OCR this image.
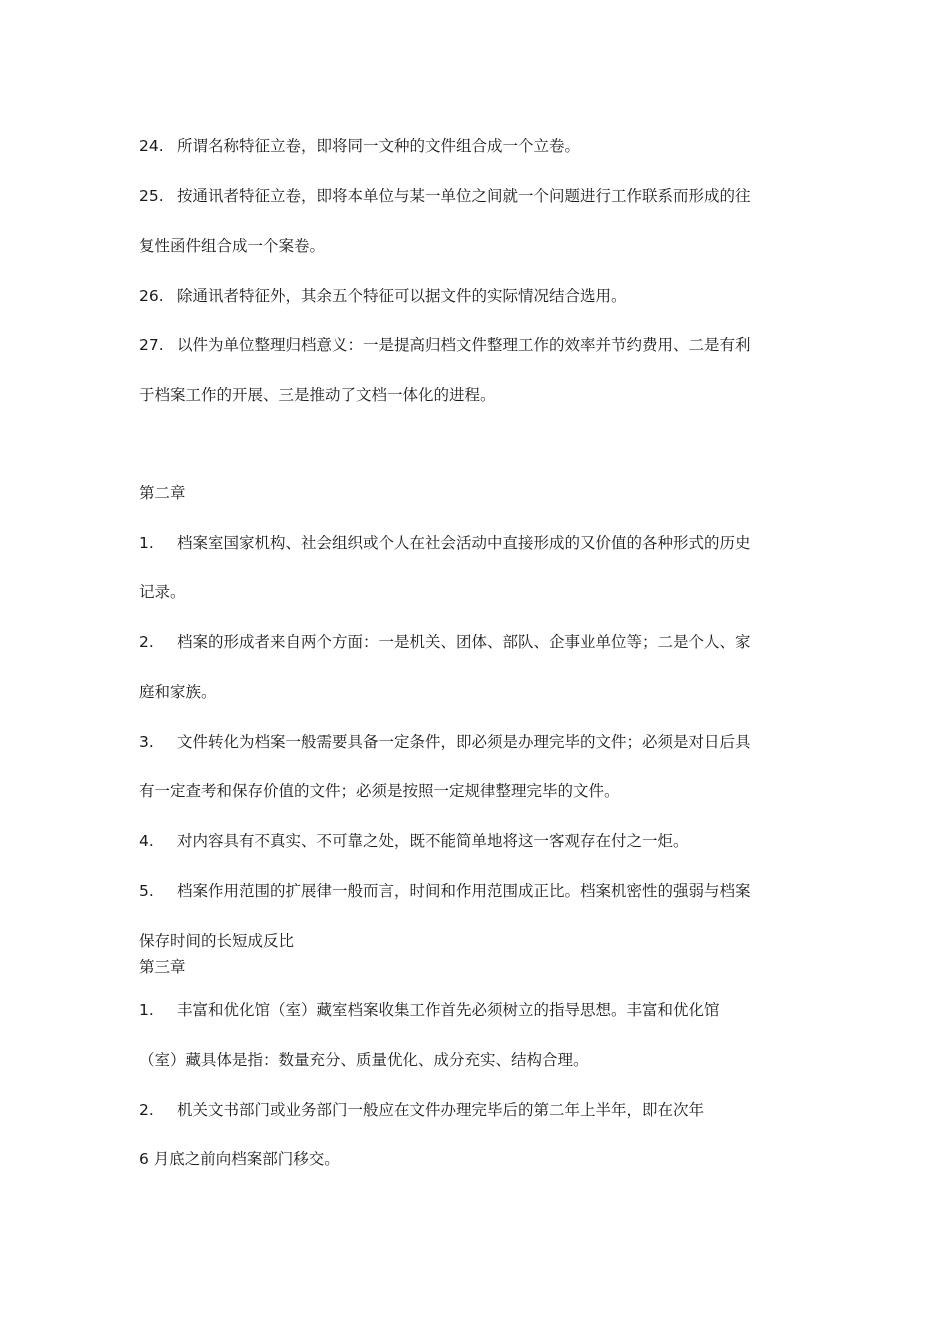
24. 所谓名称特征立卷，即将同一文种的文件组合成一个立卷。
25. 按通讯者特征立卷，即将本单位与某一单位之间就一个问题进行工作联系而形成的往
复性函件组合成一个案卷。
26. 除通讯者特征外，其余五个特征可以据文件的实际情况结合选用。
27. 以件为单位整理归档意义：一是提高归档文件整理工作的效率并节约费用、二是有利
于档案工作的开展、三是推动了文档一体化的进程。
第二章
1. 档案室国家机构、社会组织或个人在社会活动中直接形成的又价值的各种形式的历史
记录。
2. 档案的形成者来自两个方面：一是机关、团体、部队、企事业单位等；二是个人、家
庭和家族。
3. 文件转化为档案一般需要具备一定条件，即必须是办理完毕的文件；必须是对日后具
有一定查考和保存价值的文件；必须是按照一定规律整理完毕的文件。
4. 对内容具有不真实、不可靠之处，既不能简单地将这一客观存在付之一炬。
5. 档案作用范围的扩展律一般而言，时间和作用范围成正比。档案机密性的强弱与档案
保存时间的长短成反比
第三章
1. 丰富和优化馆（室）藏室档案收集工作首先必须树立的指导思想。丰富和优化馆
（室）藏具体是指：数量充分、质量优化、成分充实、结构合理。
2. 机关文书部门或业务部门一般应在文件办理完毕后的第二年上半年，即在次年
6 月底之前向档案部门移交。
